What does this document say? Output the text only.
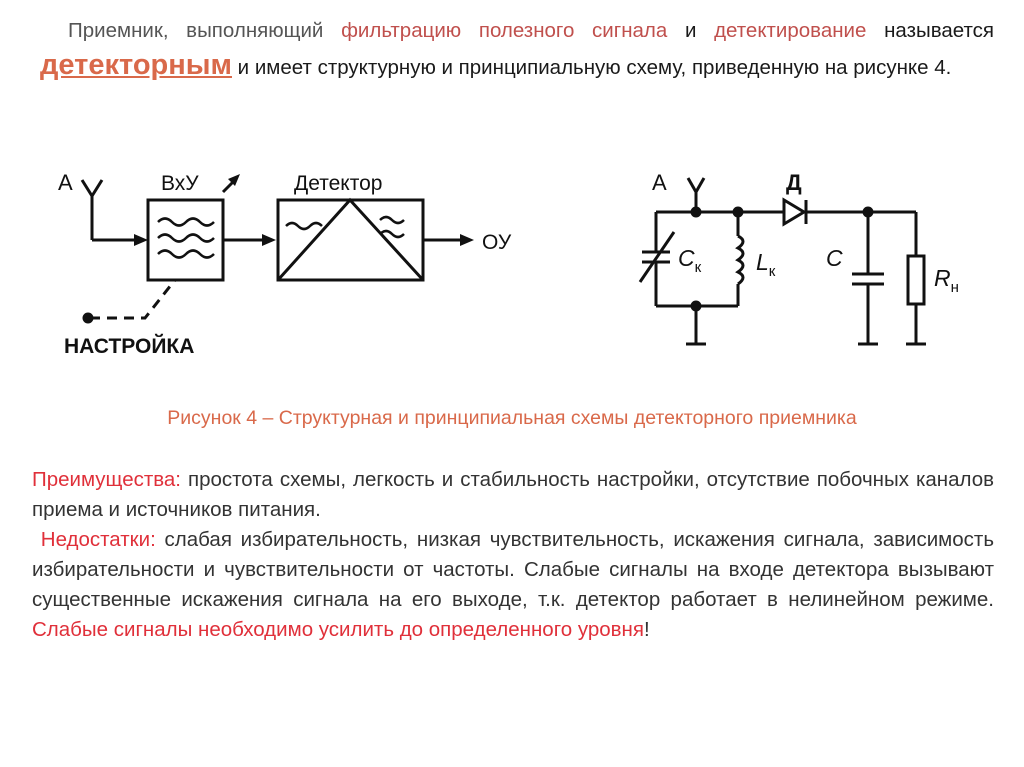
Приемник, выполняющий фильтрацию полезного сигнала и детектирование называется детекторным и имеет структурную и принципиальную схему, приведенную на рисунке 4.
А	ВхУ	Детектор
ОУ
НАСТРОЙКА
А	Д
$C_к$ $L_к$
C
$R_н$
Рисунок 4 – Структурная и принципиальная схемы детекторного приемника

Преимущества: простота схемы, легкость и стабильность настройки, отсутствие побочных каналов приема и источников питания.

Недостатки: слабая избирательность, низкая чувствительность, искажения сигнала, зависимость избирательности и чувствительности от частоты. Слабые сигналы на входе детектора вызывают существенные искажения сигнала на его выходе, т.к. детектор работает в нелинейном режиме. Слабые сигналы необходимо усилить до определенного уровня!
